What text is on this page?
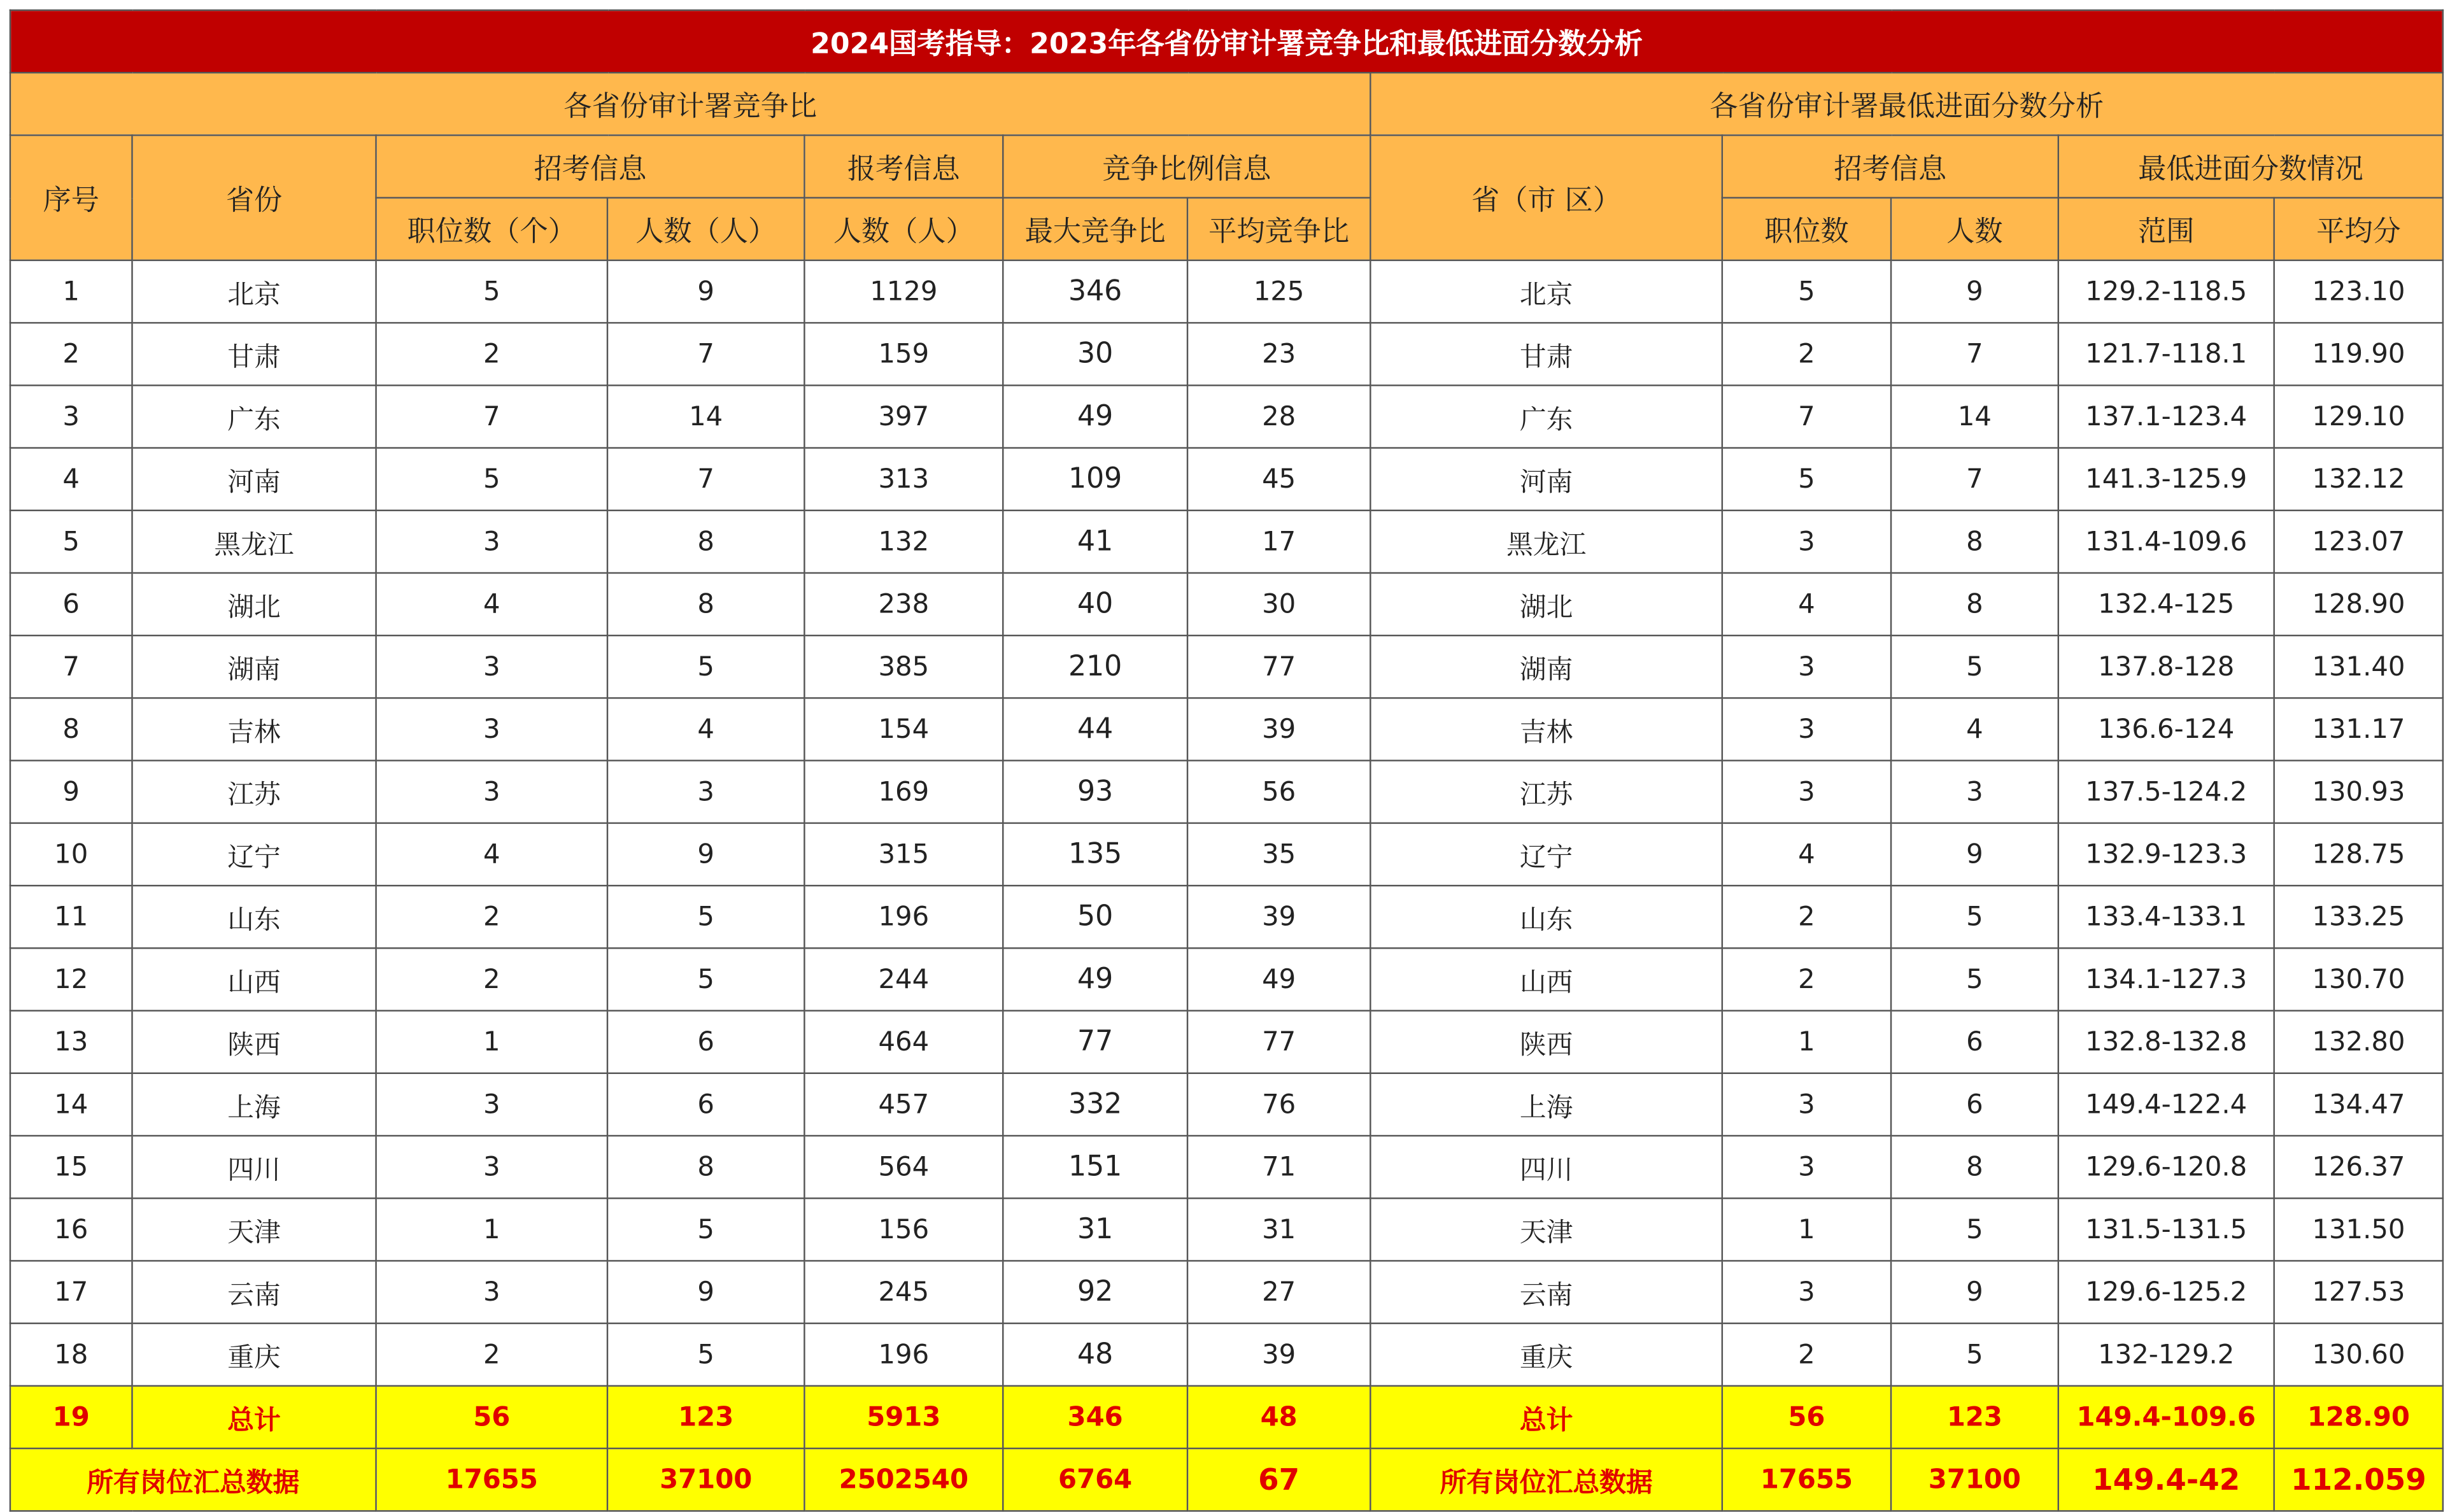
2024国考指导：2023年各省份审计署竞争比和最低进面分数分析											
各省份审计署竞争比							各省份审计署最低进面分数分析				
序号	省份	招考信息		报考信息	竞争比例信息		省（市 区）	招考信息		最低进面分数情况	
		职位数（个）	人数（人）	人数（人）	最大竞争比	平均竞争比		职位数	人数	范围	平均分
1	北京	5	9	1129	346	125	北京	5	9	129.2-118.5	123.10
2	甘肃	2	7	159	30	23	甘肃	2	7	121.7-118.1	119.90
3	广东	7	14	397	49	28	广东	7	14	137.1-123.4	129.10
4	河南	5	7	313	109	45	河南	5	7	141.3-125.9	132.12
5	黑龙江	3	8	132	41	17	黑龙江	3	8	131.4-109.6	123.07
6	湖北	4	8	238	40	30	湖北	4	8	132.4-125	128.90
7	湖南	3	5	385	210	77	湖南	3	5	137.8-128	131.40
8	吉林	3	4	154	44	39	吉林	3	4	136.6-124	131.17
9	江苏	3	3	169	93	56	江苏	3	3	137.5-124.2	130.93
10	辽宁	4	9	315	135	35	辽宁	4	9	132.9-123.3	128.75
11	山东	2	5	196	50	39	山东	2	5	133.4-133.1	133.25
12	山西	2	5	244	49	49	山西	2	5	134.1-127.3	130.70
13	陕西	1	6	464	77	77	陕西	1	6	132.8-132.8	132.80
14	上海	3	6	457	332	76	上海	3	6	149.4-122.4	134.47
15	四川	3	8	564	151	71	四川	3	8	129.6-120.8	126.37
16	天津	1	5	156	31	31	天津	1	5	131.5-131.5	131.50
17	云南	3	9	245	92	27	云南	3	9	129.6-125.2	127.53
18	重庆	2	5	196	48	39	重庆	2	5	132-129.2	130.60
19	总计	56	123	5913	346	48	总计	56	123	149.4-109.6	128.90
所有岗位汇总数据		17655	37100	2502540	6764	67	所有岗位汇总数据	17655	37100	149.4-42	112.059
